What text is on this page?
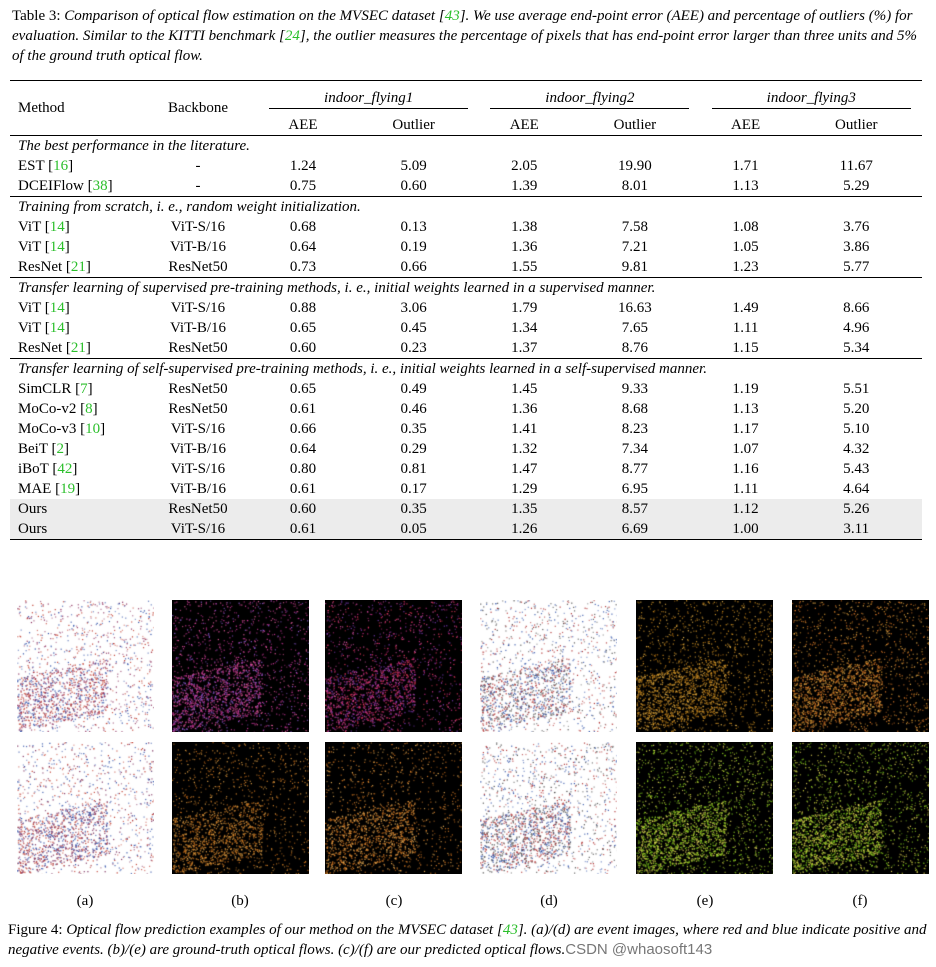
Table 3: Comparison of optical flow estimation on the MVSEC dataset [43]. We use average end-point error (AEE) and percentage of outliers (%) for evaluation. Similar to the KITTI benchmark [24], the outlier measures the percentage of pixels that has end-point error larger than three units and 5% of the ground truth optical flow.
Method	Backbone	indoor_flying1		indoor_flying2		indoor_flying3	
		AEE	Outlier	AEE	Outlier	AEE	Outlier
The best performance in the literature.							
EST [16]	-	1.24	5.09	2.05	19.90	1.71	11.67
DCEIFlow [38]	-	0.75	0.60	1.39	8.01	1.13	5.29
Training from scratch, i. e., random weight initialization.							
ViT [14]	ViT-S/16	0.68	0.13	1.38	7.58	1.08	3.76
ViT [14]	ViT-B/16	0.64	0.19	1.36	7.21	1.05	3.86
ResNet [21]	ResNet50	0.73	0.66	1.55	9.81	1.23	5.77
Transfer learning of supervised pre-training methods, i. e., initial weights learned in a supervised manner.							
ViT [14]	ViT-S/16	0.88	3.06	1.79	16.63	1.49	8.66
ViT [14]	ViT-B/16	0.65	0.45	1.34	7.65	1.11	4.96
ResNet [21]	ResNet50	0.60	0.23	1.37	8.76	1.15	5.34
Transfer learning of self-supervised pre-training methods, i. e., initial weights learned in a self-supervised manner.							
SimCLR [7]	ResNet50	0.65	0.49	1.45	9.33	1.19	5.51
MoCo-v2 [8]	ResNet50	0.61	0.46	1.36	8.68	1.13	5.20
MoCo-v3 [10]	ViT-S/16	0.66	0.35	1.41	8.23	1.17	5.10
BeiT [2]	ViT-B/16	0.64	0.29	1.32	7.34	1.07	4.32
iBoT [42]	ViT-S/16	0.80	0.81	1.47	8.77	1.16	5.43
MAE [19]	ViT-B/16	0.61	0.17	1.29	6.95	1.11	4.64
Ours	ResNet50	0.60	0.35	1.35	8.57	1.12	5.26
Ours	ViT-S/16	0.61	0.05	1.26	6.69	1.00	3.11
(a)	(b)	(c)	(d)	(e)	(f)
Figure 4: Optical flow prediction examples of our method on the MVSEC dataset [43]. (a)/(d) are event images, where red and blue indicate positive and negative events. (b)/(e) are ground-truth optical flows. (c)/(f) are our predicted optical flows.CSDN @whaosoft143
